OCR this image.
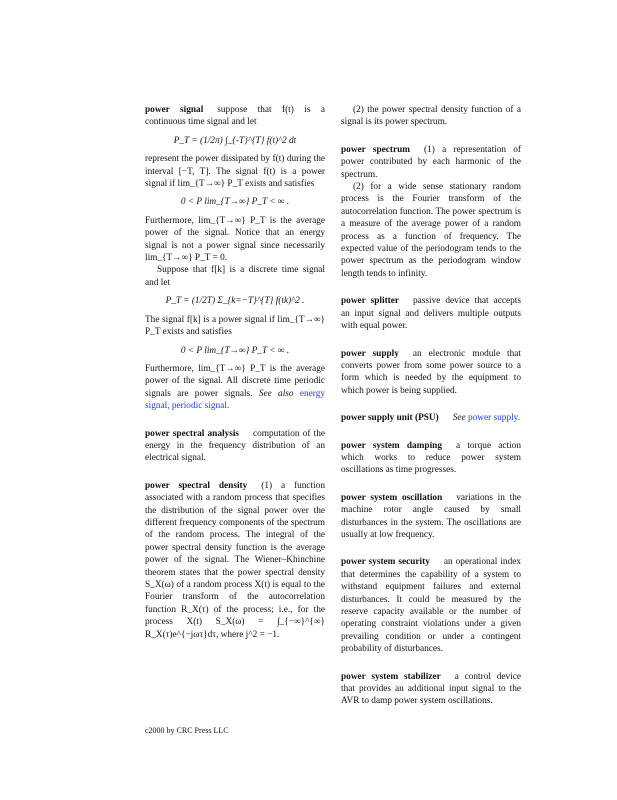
power signal suppose that f(t) is a continuous time signal and let

P_T = (1/2π) ∫_{-T}^{T} f(t)^2 dt

represent the power dissipated by f(t) during the interval [−T, T]. The signal f(t) is a power signal if lim_{T→∞} P_T exists and satisfies

0 < P lim_{T→∞} P_T < ∞ .

Furthermore, lim_{T→∞} P_T is the average power of the signal. Notice that an energy signal is not a power signal since necessarily lim_{T→∞} P_T = 0.

Suppose that f[k] is a discrete time signal and let

P_T = (1/2T) Σ_{k=−T}^{T} f(tk)^2 .

The signal f[k] is a power signal if lim_{T→∞} P_T exists and satisfies

0 < P lim_{T→∞} P_T < ∞ .

Furthermore, lim_{T→∞} P_T is the average power of the signal. All discrete time periodic signals are power signals. See also energy signal, periodic signal.

power spectral analysis computation of the energy in the frequency distribution of an electrical signal.

power spectral density (1) a function associated with a random process that specifies the distribution of the signal power over the different frequency components of the spectrum of the random process. The integral of the power spectral density function is the average power of the signal. The Wiener–Khinchine theorem states that the power spectral density S_X(ω) of a random process X(t) is equal to the Fourier transform of the autocorrelation function R_X(τ) of the process; i.e., for the process X(t) S_X(ω) = ∫_{−∞}^{∞} R_X(τ)e^{−jωτ}dτ, where j^2 = −1.

(2) the power spectral density function of a signal is its power spectrum.

power spectrum (1) a representation of power contributed by each harmonic of the spectrum.

(2) for a wide sense stationary random process is the Fourier transform of the autocorrelation function. The power spectrum is a measure of the average power of a random process as a function of frequency. The expected value of the periodogram tends to the power spectrum as the periodogram window length tends to infinity.

power splitter passive device that accepts an input signal and delivers multiple outputs with equal power.

power supply an electronic module that converts power from some power source to a form which is needed by the equipment to which power is being supplied.

power supply unit (PSU) See power supply.

power system damping a torque action which works to reduce power system oscillations as time progresses.

power system oscillation variations in the machine rotor angle caused by small disturbances in the system. The oscillations are usually at low frequency.

power system security an operational index that determines the capability of a system to withstand equipment failures and external disturbances. It could be measured by the reserve capacity available or the number of operating constraint violations under a given prevailing condition or under a contingent probability of disturbances.

power system stabilizer a control device that provides an additional input signal to the AVR to damp power system oscillations.

c2000 by CRC Press LLC
